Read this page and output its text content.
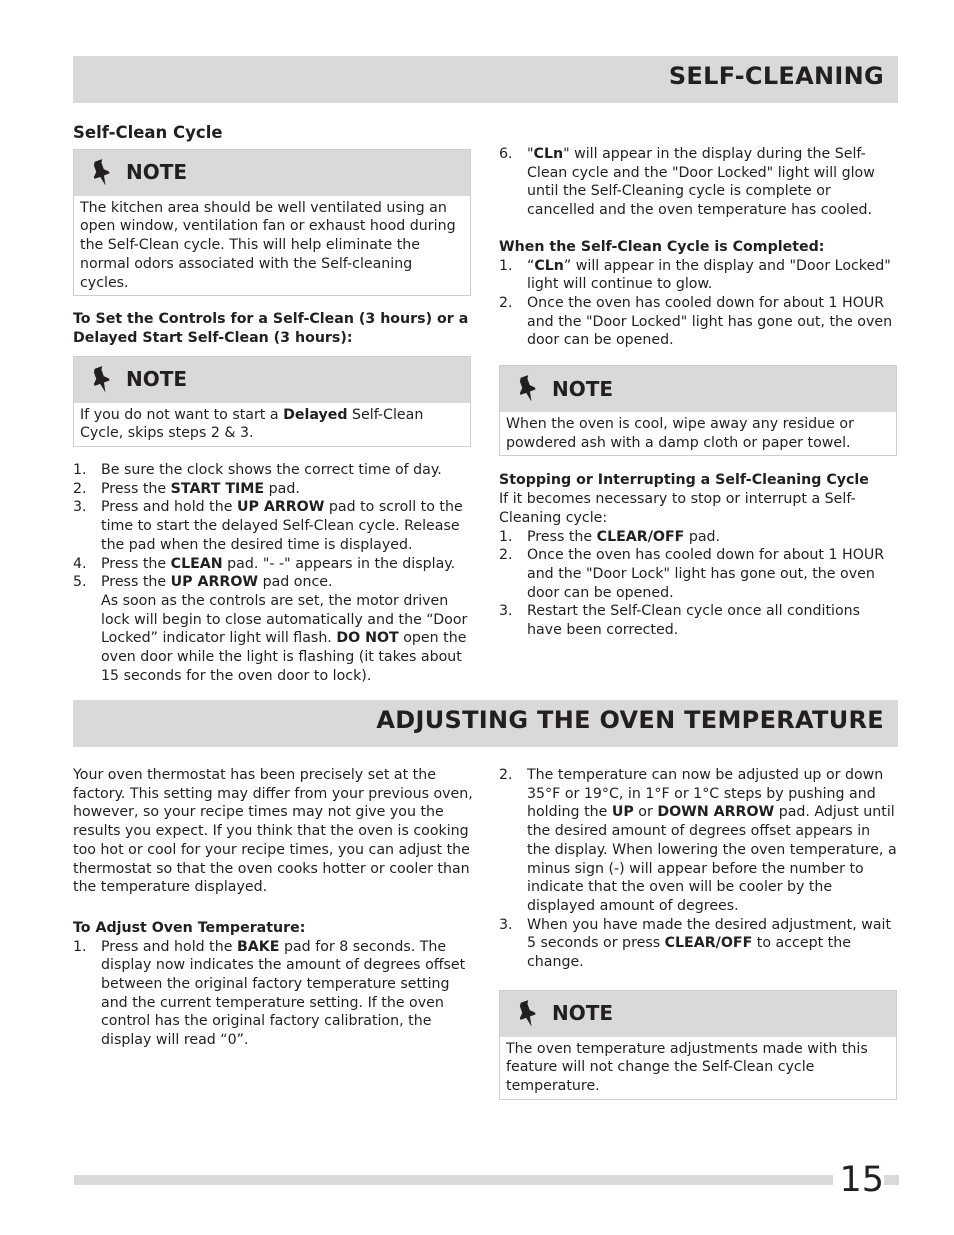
SELF-CLEANING

Self-Clean Cycle

NOTE
The kitchen area should be well ventilated using an open window, ventilation fan or exhaust hood during the Self-Clean cycle. This will help eliminate the normal odors associated with the Self-cleaning cycles.

To Set the Controls for a Self-Clean (3 hours) or a Delayed Start Self-Clean (3 hours):

NOTE
If you do not want to start a Delayed Self-Clean Cycle, skips steps 2 & 3.
1. Be sure the clock shows the correct time of day.
2. Press the START TIME pad.
3. Press and hold the UP ARROW pad to scroll to the time to start the delayed Self-Clean cycle. Release the pad when the desired time is displayed.
4. Press the CLEAN pad. "- -" appears in the display.
5. Press the UP ARROW pad once.
As soon as the controls are set, the motor driven lock will begin to close automatically and the “Door Locked” indicator light will flash. DO NOT open the oven door while the light is flashing (it takes about 15 seconds for the oven door to lock).
6. "CLn" will appear in the display during the Self-Clean cycle and the "Door Locked" light will glow until the Self-Cleaning cycle is complete or cancelled and the oven temperature has cooled.

When the Self-Clean Cycle is Completed:

1. “CLn” will appear in the display and "Door Locked" light will continue to glow.
2. Once the oven has cooled down for about 1 HOUR and the "Door Locked" light has gone out, the oven door can be opened.
NOTE
When the oven is cool, wipe away any residue or powdered ash with a damp cloth or paper towel.

Stopping or Interrupting a Self-Cleaning Cycle

If it becomes necessary to stop or interrupt a Self-Cleaning cycle:

1. Press the CLEAR/OFF pad.
2. Once the oven has cooled down for about 1 HOUR and the "Door Lock" light has gone out, the oven door can be opened.
3. Restart the Self-Clean cycle once all conditions have been corrected.
ADJUSTING THE OVEN TEMPERATURE

Your oven thermostat has been precisely set at the factory. This setting may differ from your previous oven, however, so your recipe times may not give you the results you expect. If you think that the oven is cooking too hot or cool for your recipe times, you can adjust the thermostat so that the oven cooks hotter or cooler than the temperature displayed.

To Adjust Oven Temperature:

1. Press and hold the BAKE pad for 8 seconds. The display now indicates the amount of degrees offset between the original factory temperature setting and the current temperature setting. If the oven control has the original factory calibration, the display will read “0”.
2. The temperature can now be adjusted up or down 35°F or 19°C, in 1°F or 1°C steps by pushing and holding the UP or DOWN ARROW pad. Adjust until the desired amount of degrees offset appears in the display. When lowering the oven temperature, a minus sign (-) will appear before the number to indicate that the oven will be cooler by the displayed amount of degrees.
3. When you have made the desired adjustment, wait 5 seconds or press CLEAR/OFF to accept the change.
NOTE
The oven temperature adjustments made with this feature will not change the Self-Clean cycle temperature.
15
